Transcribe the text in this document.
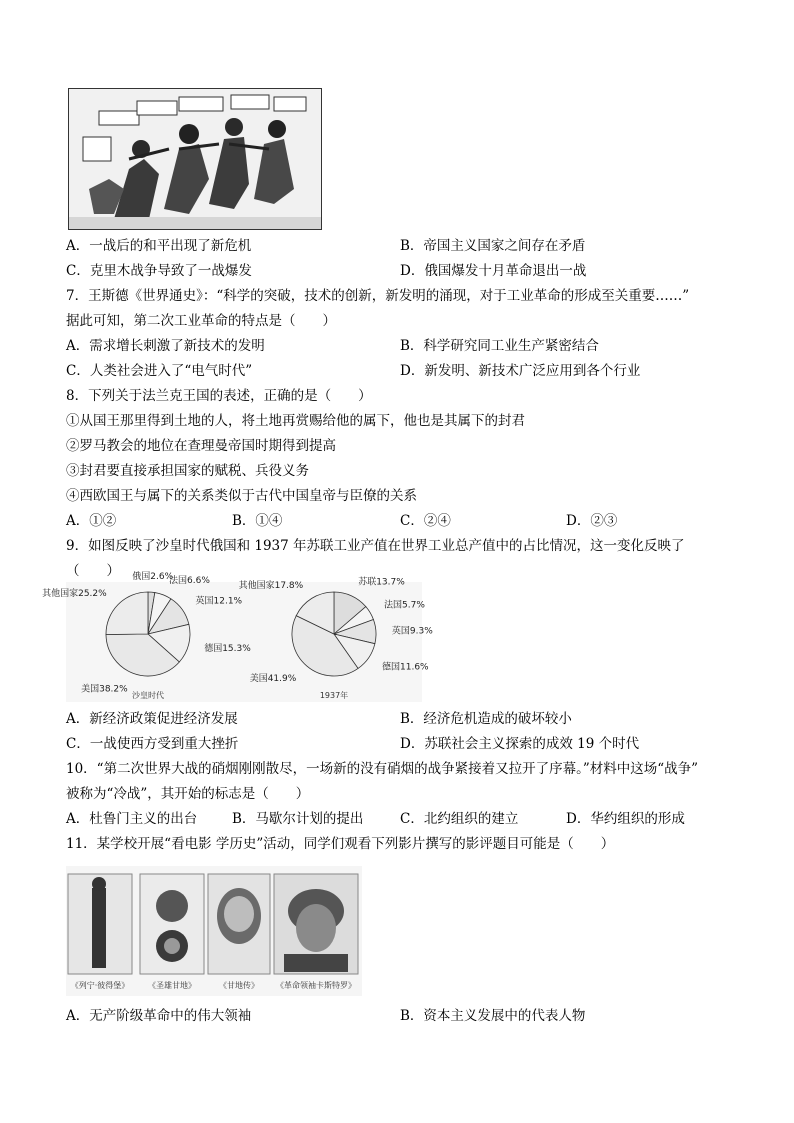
A．一战后的和平出现了新危机	B．帝国主义国家之间存在矛盾
C．克里木战争导致了一战爆发	D．俄国爆发十月革命退出一战
7．王斯德《世界通史》：“科学的突破，技术的创新，新发明的涌现，对于工业革命的形成至关重要……”
据此可知，第二次工业革命的特点是（　　）
A．需求增长刺激了新技术的发明	B．科学研究同工业生产紧密结合
C．人类社会进入了“电气时代”	D．新发明、新技术广泛应用到各个行业
8．下列关于法兰克王国的表述，正确的是（　　）
①从国王那里得到土地的人，将土地再赏赐给他的属下，他也是其属下的封君
②罗马教会的地位在查理曼帝国时期得到提高
③封君要直接承担国家的赋税、兵役义务
④西欧国王与属下的关系类似于古代中国皇帝与臣僚的关系
A．①②	B．①④	C．②④	D．②③
9．如图反映了沙皇时代俄国和 1937 年苏联工业产值在世界工业总产值中的占比情况，这一变化反映了
（　　） 俄国2.6%
法国6.6%
英国12.1%
德国15.3%
美国38.2%
其他国家25.2%
苏联13.7%
法国5.7%
英国9.3%
德国11.6%
美国41.9%
其他国家17.8%
沙皇时代	1937年
A．新经济政策促进经济发展	B．经济危机造成的破坏较小
C．一战使西方受到重大挫折	D．苏联社会主义探索的成效 19 个时代
10．“第二次世界大战的硝烟刚刚散尽，一场新的没有硝烟的战争紧接着又拉开了序幕。”材料中这场“战争”
被称为“冷战”，其开始的标志是（　　）
A．杜鲁门主义的出台	B．马歇尔计划的提出	C．北约组织的建立	D．华约组织的形成
11．某学校开展“看电影 学历史”活动，同学们观看下列影片撰写的影评题目可能是（　　）
《列宁·彼得堡》 《圣雄甘地》	《甘地传》 《革命领袖卡斯特罗》
A．无产阶级革命中的伟大领袖	B．资本主义发展中的代表人物
